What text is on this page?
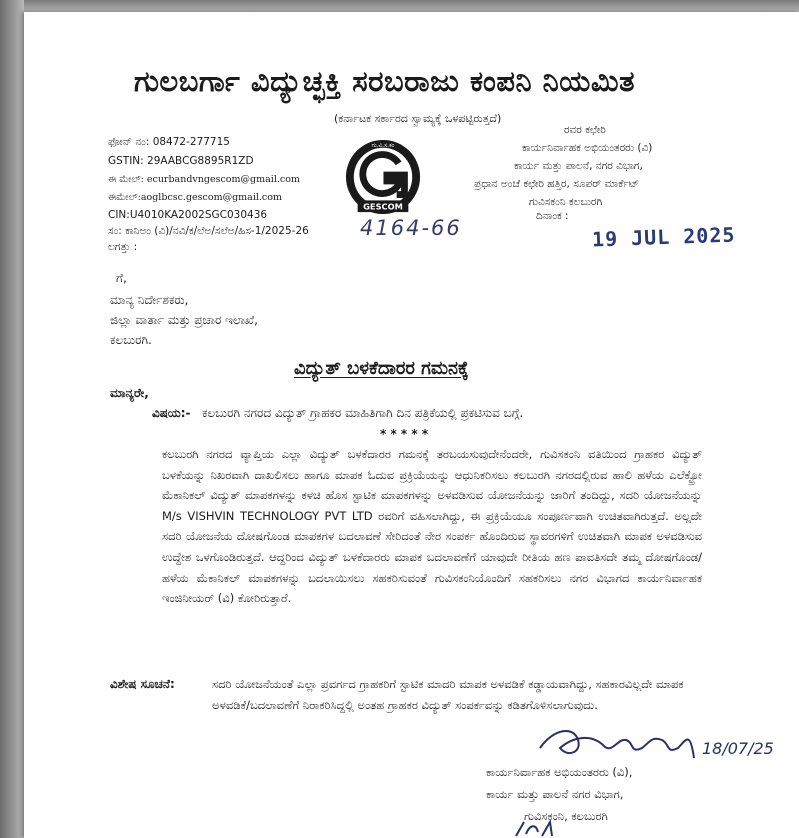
ಗುಲಬರ್ಗಾ ವಿದ್ಯುಚ್ಛಕ್ತಿ ಸರಬರಾಜು ಕಂಪನಿ ನಿಯಮಿತ
(ಕರ್ನಾಟಕ ಸರ್ಕಾರದ ಸ್ವಾಮ್ಯಕ್ಕೆ ಒಳಪಟ್ಟಿರುತ್ತದೆ)
ಫೋನ್ ನಂ: 08472-277715
GSTIN: 29AABCG8895R1ZD
ಈ ಮೇಲ್: ecurbandvngescom@gmail.com
ಈಮೇಲ್:aoglbcsc.gescom@gmail.com
CIN:U4010KA2002SGC030436
GESCOM
ಗು.ವಿ.ಸ.ಕಂ
ರವರ ಕಛೇರಿ
ಕಾರ್ಯನಿರ್ವಾಹಕ ಅಭಿಯಂತರರು (ವಿ)
ಕಾರ್ಯ ಮತ್ತು ಪಾಲನೆ, ನಗರ ವಿಭಾಗ,
ಪ್ರಧಾನ ಅಂಚೆ ಕಛೇರಿ ಹತ್ತಿರ, ಸೂಪರ್ ಮಾರ್ಕೆಟ್
ಗುವಿಸಕಂನಿ ಕಲಬುರಗಿ
ಸಂ: ಕಾನಿಅಂ (ವಿ)/ನವಿ/ಕ/ಲೆಅ/ಸಲೆಅ/ಹಿಸ-1/2025-26 4164-66
ಲಗತ್ತು :
ದಿನಾಂಕ :
19 JUL 2025
ಗೆ,
ಮಾನ್ಯ ನಿರ್ದೇಶಕರು,
ಜಿಲ್ಲಾ ವಾರ್ತಾ ಮತ್ತು ಪ್ರಚಾರ ಇಲಾಖೆ,
ಕಲಬುರಗಿ.
ವಿದ್ಯುತ್ ಬಳಕೆದಾರರ ಗಮನಕ್ಕೆ
ಮಾನ್ಯರೇ,
ವಿಷಯ:- ಕಲಬುರಗಿ ನಗರದ ವಿದ್ಯುತ್ ಗ್ರಾಹಕರ ಮಾಹಿತಿಗಾಗಿ ದಿನ ಪತ್ರಿಕೆಯಲ್ಲಿ ಪ್ರಕಟಿಸುವ ಬಗ್ಗೆ.
* * * * *
ಕಲಬುರಗಿ ನಗರದ ವ್ಯಾಪ್ತಿಯ ಎಲ್ಲಾ ವಿದ್ಯುತ್ ಬಳಕೆದಾರರ ಗಮನಕ್ಕೆ ತರಬಯಸುವುದೇನೆಂದರೇ, ಗುವಿಸಕಂನಿ ವತಿಯಿಂದ ಗ್ರಾಹಕರ ವಿದ್ಯುತ್ ಬಳಕೆಯನ್ನು ನಿಖರವಾಗಿ ದಾಖಲಿಸಲು ಹಾಗೂ ಮಾಪಕ ಓದುವ ಪ್ರಕ್ರಿಯೆಯನ್ನು ಆಧುನಿಕರಿಸಲು ಕಲಬುರಗಿ ನಗರದಲ್ಲಿರುವ ಹಾಲಿ ಹಳೆಯ ಎಲೆಕ್ಟ್ರೋ ಮೆಕಾನಿಕಲ್ ವಿದ್ಯುತ್ ಮಾಪಕಗಳನ್ನು ಕಳಚಿ ಹೊಸ ಸ್ಟಾಟಿಕ ಮಾಪಕಗಳನ್ನು ಅಳವಡಿಸುವ ಯೋಜನೆಯನ್ನು ಜಾರಿಗೆ ತಂದಿದ್ದು, ಸದರಿ ಯೋಜನೆಯನ್ನು M/s VISHVIN TECHNOLOGY PVT LTD ರವರಿಗೆ ವಹಿಸಲಾಗಿದ್ದು, ಈ ಪ್ರಕ್ರಿಯೆಯೂ ಸಂಪೂರ್ಣವಾಗಿ ಉಚಿತವಾಗಿರುತ್ತದೆ. ಅಲ್ಲದೇ ಸದರಿ ಯೋಜನೆಯ ದೋಷಗೊಂಡ ಮಾಪಕಗಳ ಬದಲಾವಣೆ ಸೇರಿದಂತೆ ನೇರ ಸಂಪರ್ಕ ಹೊಂದಿರುವ ಸ್ಥಾವರಗಳಿಗೆ ಉಚಿತವಾಗಿ ಮಾಪಕ ಅಳವಡಿಸುವ ಉದ್ದೇಶ ಒಳಗೊಂಡಿರುತ್ತದೆ. ಆದ್ದರಿಂದ ವಿದ್ಯುತ್ ಬಳಕೆದಾರರು ಮಾಪಕ ಬದಲಾವಣೆಗೆ ಯಾವುದೇ ರೀತಿಯ ಹಣ ಪಾವತಿಸದೇ ತಮ್ಮ ದೋಷಗೊಂಡ/ಹಳೆಯ ಮೆಕಾನಿಕಲ್ ಮಾಪಕಗಳನ್ನು ಬದಲಾಯಿಸಲು ಸಹಕರಿಸುವಂತೆ ಗುವಿಸಕಂನಿಯೊಂದಿಗೆ ಸಹಕರಿಸಲು ನಗರ ವಿಭಾಗದ ಕಾರ್ಯನಿರ್ವಾಹಕ ಇಂಜಿನೀಯರ್ (ವಿ) ಕೋರಿರುತ್ತಾರೆ.
ವಿಶೇಷ ಸೂಚನೆ:	ಸದರಿ ಯೋಜನೆಯಂತೆ ಎಲ್ಲಾ ಪ್ರವರ್ಗದ ಗ್ರಾಹಕರಿಗೆ ಸ್ಟಾಟಿಕ ಮಾದರಿ ಮಾಪಕ ಅಳವಡಿಕೆ ಕಡ್ಡಾಯವಾಗಿದ್ದು, ಸಹಕಾರವಿಲ್ಲದೇ ಮಾಪಕ ಅಳವಡಿಕೆ/ಬದಲಾವಣೆಗೆ ನಿರಾಕರಿಸಿದ್ದಲ್ಲಿ ಅಂತಹ ಗ್ರಾಹಕರ ವಿದ್ಯುತ್ ಸಂಪರ್ಕವನ್ನು ಕಡಿತಗೊಳಿಸಲಾಗುವುದು.
18/07/25
ಕಾರ್ಯನಿರ್ವಾಹಕ ಅಭಿಯಂತರರು (ವಿ),
ಕಾರ್ಯ ಮತ್ತು ಪಾಲನೆ ನಗರ ವಿಭಾಗ,
ಗುವಿಸಕಂನಿ, ಕಲಬುರಗಿ
